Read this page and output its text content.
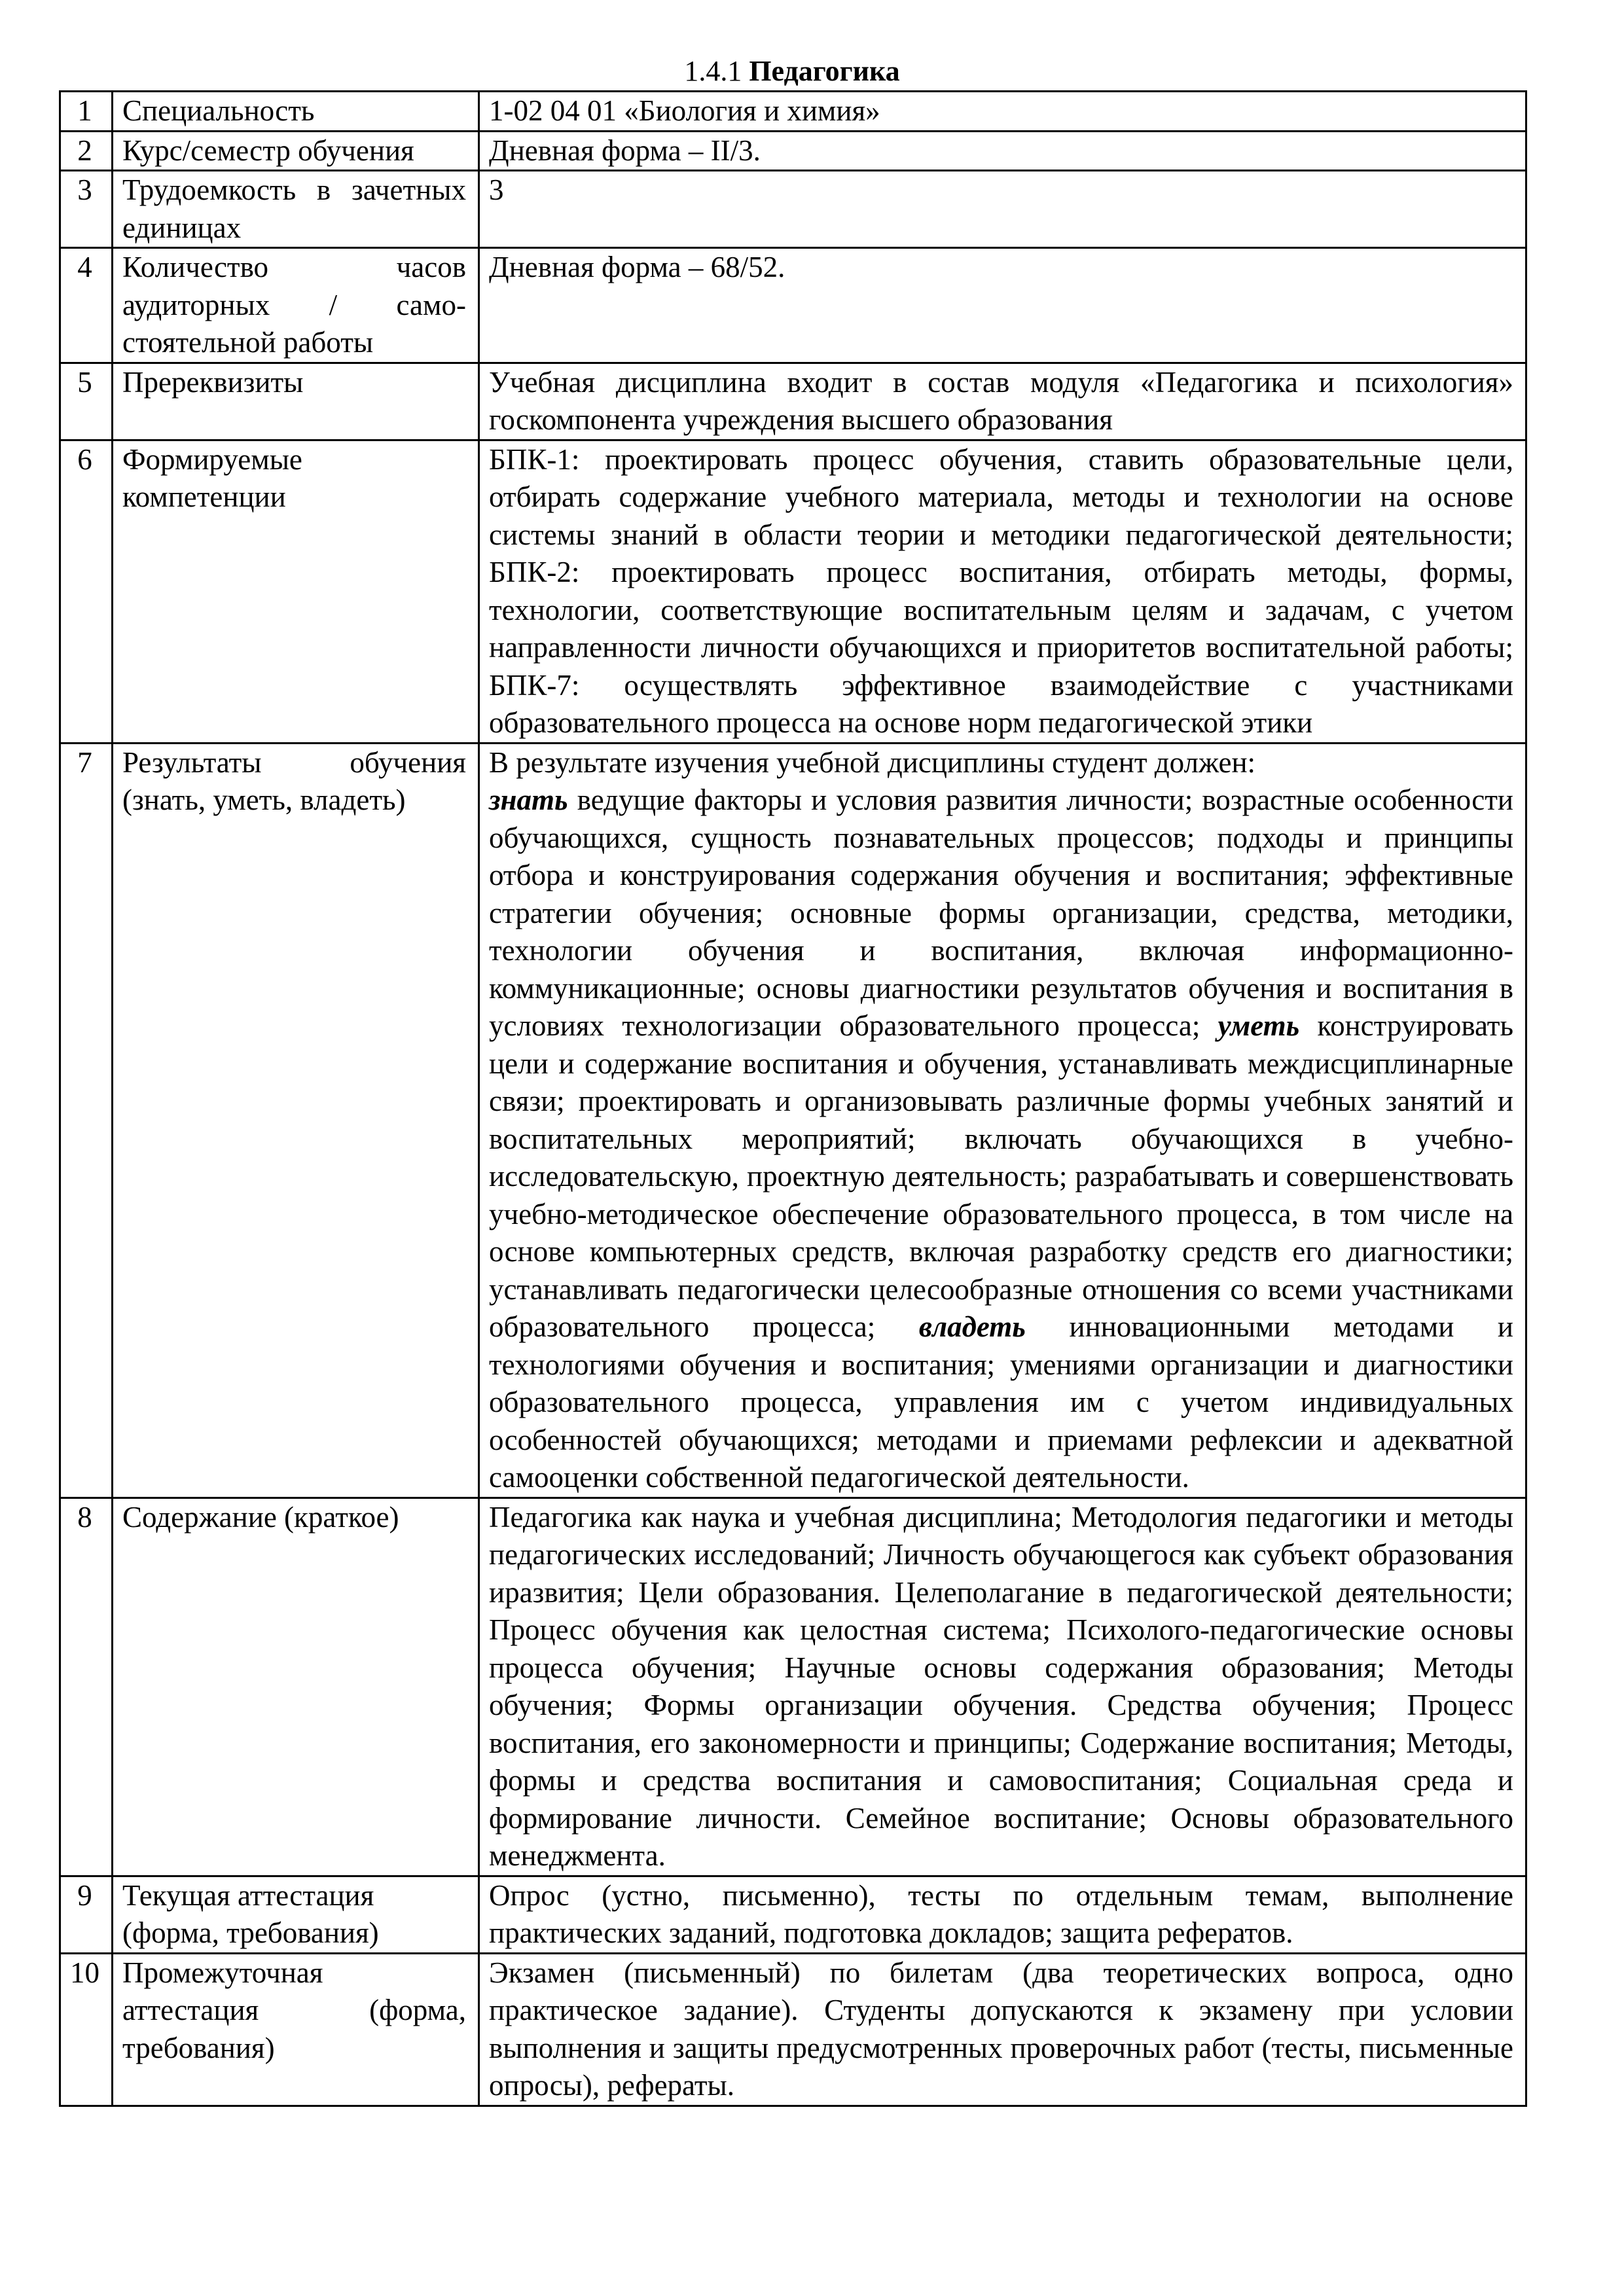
1.4.1 Педагогика
1	Специальность	1-02 04 01 «Биология и химия»
2	Курс/семестр обучения	Дневная форма – II/3.
3	Трудоемкость в зачетных единицах	3
4	Количество часов аудиторных / само-стоятельной работы	Дневная форма – 68/52.
5	Пререквизиты	Учебная дисциплина входит в состав модуля «Педагогика и психология» госкомпонента учреждения высшего образования
6	Формируемые компетенции	БПК-1: проектировать процесс обучения, ставить образовательные цели, отбирать содержание учебного материала, методы и технологии на основе системы знаний в области теории и методики педагогической деятельности; БПК-2: проектировать процесс воспитания, отбирать методы, формы, технологии, соответствующие воспитательным целям и задачам, с учетом направленности личности обучающихся и приоритетов воспитательной работы; БПК-7: осуществлять эффективное взаимодействие с участниками образовательного процесса на основе норм педагогической этики
7	Результаты обучения (знать, уметь, владеть)	В результате изучения учебной дисциплины студент должен:
знать ведущие факторы и условия развития личности; возрастные особенности обучающихся, сущность познавательных процессов; подходы и принципы отбора и конструирования содержания обучения и воспитания; эффективные стратегии обучения; основные формы организации, средства, методики, технологии обучения и воспитания, включая информационно-коммуникационные; основы диагностики результатов обучения и воспитания в условиях технологизации образовательного процесса; уметь конструировать цели и содержание воспитания и обучения, устанавливать междисциплинарные связи; проектировать и организовывать различные формы учебных занятий и воспитательных мероприятий; включать обучающихся в учебно-исследовательскую, проектную деятельность; разрабатывать и совершенствовать учебно-методическое обеспечение образовательного процесса, в том числе на основе компьютерных средств, включая разработку средств его диагностики; устанавливать педагогически целесообразные отношения со всеми участниками образовательного процесса; владеть инновационными методами и технологиями обучения и воспитания; умениями организации и диагностики образовательного процесса, управления им с учетом индивидуальных особенностей обучающихся; методами и приемами рефлексии и адекватной самооценки собственной педагогической деятельности.
8	Содержание (краткое)	Педагогика как наука и учебная дисциплина; Методология педагогики и методы педагогических исследований; Личность обучающегося как субъект образования иразвития; Цели образования. Целеполагание в педагогической деятельности; Процесс обучения как целостная система; Психолого-педагогические основы процесса обучения; Научные основы содержания образования; Методы обучения; Формы организации обучения. Средства обучения; Процесс воспитания, его закономерности и принципы; Содержание воспитания; Методы, формы и средства воспитания и самовоспитания; Социальная среда и формирование личности. Семейное воспитание; Основы образовательного менеджмента.
9	Текущая аттестация (форма, требования)	Опрос (устно, письменно), тесты по отдельным темам, выполнение практических заданий, подготовка докладов; защита рефератов.
10	Промежуточная аттестация (форма, требования)	Экзамен (письменный) по билетам (два теоретических вопроса, одно практическое задание). Студенты допускаются к экзамену при условии выполнения и защиты предусмотренных проверочных работ (тесты, письменные опросы), рефераты.
